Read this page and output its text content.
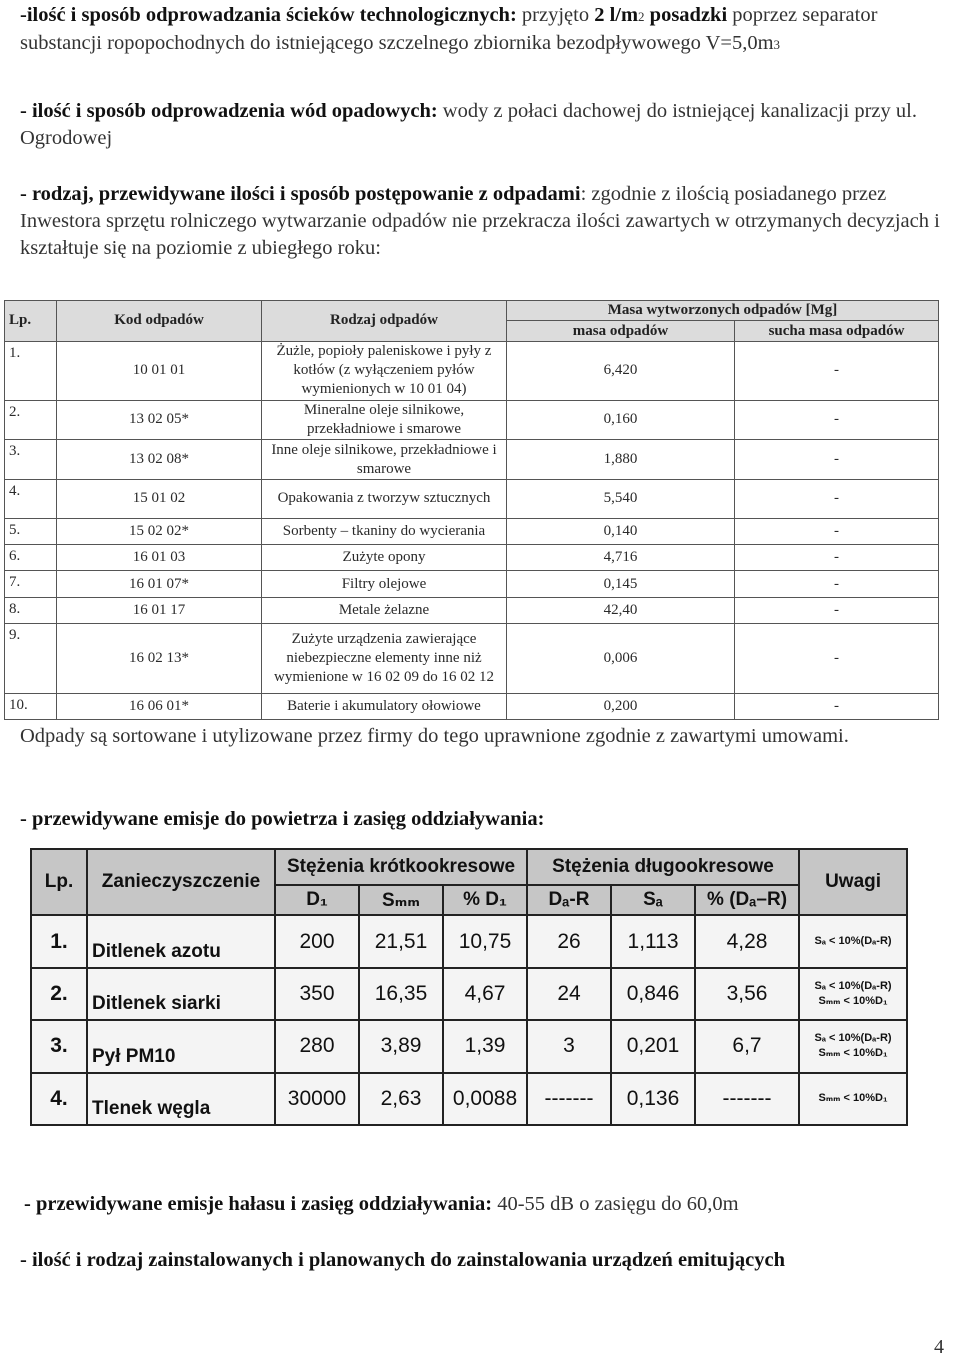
-ilość i sposób odprowadzania ścieków technologicznych: przyjęto 2 l/m2 posadzki poprzez separator substancji ropopochodnych do istniejącego szczelnego zbiornika bezodpływowego V=5,0m3
- ilość i sposób odprowadzenia wód opadowych: wody z połaci dachowej do istniejącej kanalizacji przy ul. Ogrodowej
- rodzaj, przewidywane ilości i sposób postępowanie z odpadami: zgodnie z ilością posiadanego przez Inwestora sprzętu rolniczego wytwarzanie odpadów nie przekracza ilości zawartych w otrzymanych decyzjach i kształtuje się na poziomie z ubiegłego roku:
Lp.	Kod odpadów	Rodzaj odpadów	Masa wytworzonych odpadów [Mg]	
			masa odpadów	sucha masa odpadów
1.	10 01 01	Żużle, popioły paleniskowe i pyły z kotłów (z wyłączeniem pyłów wymienionych w 10 01 04)	6,420	-
2.	13 02 05*	Mineralne oleje silnikowe, przekładniowe i smarowe	0,160	-
3.	13 02 08*	Inne oleje silnikowe, przekładniowe i smarowe	1,880	-
4.	15 01 02	Opakowania z tworzyw sztucznych	5,540	-
5.	15 02 02*	Sorbenty – tkaniny do wycierania	0,140	-
6.	16 01 03	Zużyte opony	4,716	-
7.	16 01 07*	Filtry olejowe	0,145	-
8.	16 01 17	Metale żelazne	42,40	-
9.	16 02 13*	Zużyte urządzenia zawierające niebezpieczne elementy inne niż wymienione w 16 02 09 do 16 02 12	0,006	-
10.	16 06 01*	Baterie i akumulatory ołowiowe	0,200	-
Odpady są sortowane i utylizowane przez firmy do tego uprawnione zgodnie z zawartymi umowami.
- przewidywane emisje do powietrza i zasięg oddziaływania:
Lp.	Zanieczyszczenie	Stężenia krótkookresowe			Stężenia długookresowe			Uwagi
		D₁	Sₘₘ	% D₁	Dₐ-R	Sₐ	% (Dₐ–R)	
1.	Ditlenek azotu	200	21,51	10,75	26	1,113	4,28	Sₐ < 10%(Dₐ-R)

2.	Ditlenek siarki	350	16,35	4,67	24	0,846	3,56	Sₐ < 10%(Dₐ-R)
Sₘₘ < 10%D₁

3.	Pył PM10	280	3,89	1,39	3	0,201	6,7	Sₐ < 10%(Dₐ-R)
Sₘₘ < 10%D₁

4.	Tlenek węgla	30000	2,63	0,0088	-------	0,136	-------	Sₘₘ < 10%D₁
- przewidywane emisje hałasu i zasięg oddziaływania: 40-55 dB o zasięgu do 60,0m
- ilość i rodzaj zainstalowanych i planowanych do zainstalowania urządzeń emitujących
4
